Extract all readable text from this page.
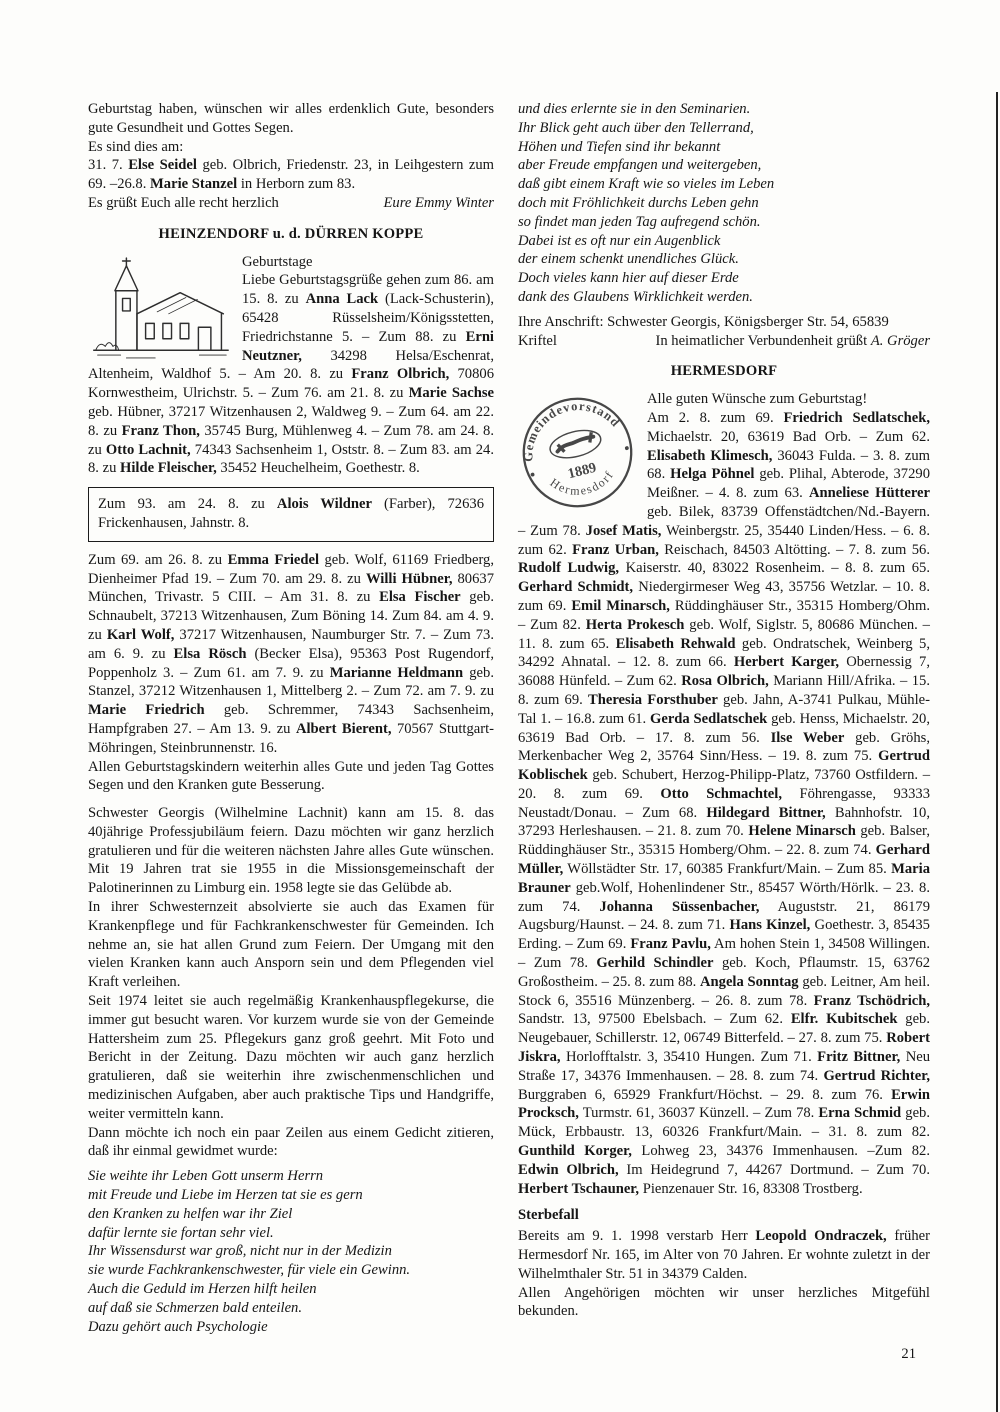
Geburtstag haben, wünschen wir alles erdenklich Gute, besonders gute Gesundheit und Gottes Segen.

Es sind dies am:

31. 7. Else Seidel geb. Olbrich, Friedenstr. 23, in Leihgestern zum 69. –26.8. Marie Stanzel in Herborn zum 83.

Es grüßt Euch alle recht herzlich	Eure Emmy Winter
HEINZENDORF u. d. DÜRREN KOPPE
Geburtstage

Liebe Geburtstagsgrüße gehen zum 86. am 15. 8. zu Anna Lack (Lack-Schusterin), 65428 Rüsselsheim/Königsstetten, Friedrichstanne 5. – Zum 88. zu Erni Neutzner, 34298 Helsa/Eschenrat, Altenheim, Waldhof 5. – Am 20. 8. zu Franz Olbrich, 70806 Kornwestheim, Ulrichstr. 5. – Zum 76. am 21. 8. zu Marie Sachse geb. Hübner, 37217 Witzenhausen 2, Waldweg 9. – Zum 64. am 22. 8. zu Franz Thon, 35745 Burg, Mühlenweg 4. – Zum 78. am 24. 8. zu Otto Lachnit, 74343 Sachsenheim 1, Oststr. 8. – Zum 83. am 24. 8. zu Hilde Fleischer, 35452 Heuchelheim, Goethestr. 8.

Zum 93. am 24. 8. zu Alois Wildner (Farber), 72636 Frickenhausen, Jahnstr. 8.

Zum 69. am 26. 8. zu Emma Friedel geb. Wolf, 61169 Friedberg, Dienheimer Pfad 19. – Zum 70. am 29. 8. zu Willi Hübner, 80637 München, Trivastr. 5 CIII. – Am 31. 8. zu Elsa Fischer geb. Schnaubelt, 37213 Witzenhausen, Zum Böning 14. Zum 84. am 4. 9. zu Karl Wolf, 37217 Witzenhausen, Naumburger Str. 7. – Zum 73. am 6. 9. zu Elsa Rösch (Becker Elsa), 95363 Post Rugendorf, Poppenholz 3. – Zum 61. am 7. 9. zu Marianne Heldmann geb. Stanzel, 37212 Witzenhausen 1, Mittelberg 2. – Zum 72. am 7. 9. zu Marie Friedrich geb. Schremmer, 74343 Sachsenheim, Hampfgraben 27. – Am 13. 9. zu Albert Bierent, 70567 Stuttgart-Möhringen, Steinbrunnenstr. 16.

Allen Geburtstagskindern weiterhin alles Gute und jeden Tag Gottes Segen und den Kranken gute Besserung.

Schwester Georgis (Wilhelmine Lachnit) kann am 15. 8. das 40jährige Professjubiläum feiern. Dazu möchten wir ganz herzlich gratulieren und für die weiteren nächsten Jahre alles Gute wünschen. Mit 19 Jahren trat sie 1955 in die Missionsgemeinschaft der Palotinerinnen zu Limburg ein. 1958 legte sie das Gelübde ab.

In ihrer Schwesternzeit absolvierte sie auch das Examen für Krankenpflege und für Fachkrankenschwester für Gemeinden. Ich nehme an, sie hat allen Grund zum Feiern. Der Umgang mit den vielen Kranken kann auch Ansporn sein und dem Pflegenden viel Kraft verleihen.

Seit 1974 leitet sie auch regelmäßig Krankenhauspflegekurse, die immer gut besucht waren. Vor kurzem wurde sie von der Gemeinde Hattersheim zum 25. Pflegekurs ganz groß geehrt. Mit Foto und Bericht in der Zeitung. Dazu möchten wir auch ganz herzlich gratulieren, daß sie weiterhin ihre zwischenmenschlichen und medizinischen Aufgaben, aber auch praktische Tips und Handgriffe, weiter vermitteln kann.

Dann möchte ich noch ein paar Zeilen aus einem Gedicht zitieren, daß ihr einmal gewidmet wurde:

Sie weihte ihr Leben Gott unserm Herrn
mit Freude und Liebe im Herzen tat sie es gern
den Kranken zu helfen war ihr Ziel
dafür lernte sie fortan sehr viel.
Ihr Wissensdurst war groß, nicht nur in der Medizin
sie wurde Fachkrankenschwester, für viele ein Gewinn.
Auch die Geduld im Herzen hilft heilen
auf daß sie Schmerzen bald enteilen.
Dazu gehört auch Psychologie
und dies erlernte sie in den Seminarien.
Ihr Blick geht auch über den Tellerrand,
Höhen und Tiefen sind ihr bekannt
aber Freude empfangen und weitergeben,
daß gibt einem Kraft wie so vieles im Leben
doch mit Fröhlichkeit durchs Leben gehn
so findet man jeden Tag aufregend schön.
Dabei ist es oft nur ein Augenblick
der einem schenkt unendliches Glück.
Doch vieles kann hier auf dieser Erde
dank des Glaubens Wirklichkeit werden.

Ihre Anschrift: Schwester Georgis, Königsberger Str. 54, 65839

Kriftel	In heimatlicher Verbundenheit grüßt A. Gröger
HERMESDORF
Gemeindevorstand
Hermesdorf
1889
Alle guten Wünsche zum Geburtstag!

Am 2. 8. zum 69. Friedrich Sedlatschek, Michaelstr. 20, 63619 Bad Orb. – Zum 62. Elisabeth Klimesch, 36043 Fulda. – 3. 8. zum 68. Helga Pöhnel geb. Plihal, Abterode, 37290 Meißner. – 4. 8. zum 63. Anneliese Hütterer geb. Bilek, 83739 Offenstädtchen/Nd.-Bayern. – Zum 78. Josef Matis, Weinbergstr. 25, 35440 Linden/Hess. – 6. 8. zum 62. Franz Urban, Reischach, 84503 Altötting. – 7. 8. zum 56. Rudolf Ludwig, Kaiserstr. 40, 83022 Rosenheim. – 8. 8. zum 65. Gerhard Schmidt, Niedergirmeser Weg 43, 35756 Wetzlar. – 10. 8. zum 69. Emil Minarsch, Rüddinghäuser Str., 35315 Homberg/Ohm. – Zum 82. Herta Prokesch geb. Wolf, Siglstr. 5, 80686 München. – 11. 8. zum 65. Elisabeth Rehwald geb. Ondratschek, Weinberg 5, 34292 Ahnatal. – 12. 8. zum 66. Herbert Karger, Obernessig 7, 36088 Hünfeld. – Zum 62. Rosa Olbrich, Mariann Hill/Afrika. – 15. 8. zum 69. Theresia Forsthuber geb. Jahn, A-3741 Pulkau, Mühle-Tal 1. – 16.8. zum 61. Gerda Sedlatschek geb. Henss, Michaelstr. 20, 63619 Bad Orb. – 17. 8. zum 56. Ilse Weber geb. Gröhs, Merkenbacher Weg 2, 35764 Sinn/Hess. – 19. 8. zum 75. Gertrud Koblischek geb. Schubert, Herzog-Philipp-Platz, 73760 Ostfildern. – 20. 8. zum 69. Otto Schmachtel, Föhrengasse, 93333 Neustadt/Donau. – Zum 68. Hildegard Bittner, Bahnhofstr. 10, 37293 Herleshausen. – 21. 8. zum 70. Helene Minarsch geb. Balser, Rüddinghäuser Str., 35315 Homberg/Ohm. – 22. 8. zum 74. Gerhard Müller, Wöllstädter Str. 17, 60385 Frankfurt/Main. – Zum 85. Maria Brauner geb.Wolf, Hohenlindener Str., 85457 Wörth/Hörlk. – 23. 8. zum 74. Johanna Süssenbacher, Auguststr. 21, 86179 Augsburg/Haunst. – 24. 8. zum 71. Hans Kinzel, Goethestr. 3, 85435 Erding. – Zum 69. Franz Pavlu, Am hohen Stein 1, 34508 Willingen. – Zum 78. Gerhild Schindler geb. Koch, Pflaumstr. 15, 63762 Großostheim. – 25. 8. zum 88. Angela Sonntag geb. Leitner, Am heil. Stock 6, 35516 Münzenberg. – 26. 8. zum 78. Franz Tschödrich, Sandstr. 13, 97500 Ebelsbach. – Zum 62. Elfr. Kubitschek geb. Neugebauer, Schillerstr. 12, 06749 Bitterfeld. – 27. 8. zum 75. Robert Jiskra, Horlofftalstr. 3, 35410 Hungen. Zum 71. Fritz Bittner, Neu Straße 17, 34376 Immenhausen. – 28. 8. zum 74. Gertrud Richter, Burggraben 6, 65929 Frankfurt/Höchst. – 29. 8. zum 76. Erwin Procksch, Turmstr. 61, 36037 Künzell. – Zum 78. Erna Schmid geb. Mück, Erbbaustr. 13, 60326 Frankfurt/Main. – 31. 8. zum 82. Gunthild Korger, Lohweg 23, 34376 Immenhausen. –Zum 82. Edwin Olbrich, Im Heidegrund 7, 44267 Dortmund. – Zum 70. Herbert Tschauner, Pienzenauer Str. 16, 83308 Trostberg.

Sterbefall

Bereits am 9. 1. 1998 verstarb Herr Leopold Ondraczek, früher Hermesdorf Nr. 165, im Alter von 70 Jahren. Er wohnte zuletzt in der Wilhelmthaler Str. 51 in 34379 Calden.

Allen Angehörigen möchten wir unser herzliches Mitgefühl bekunden.

21
